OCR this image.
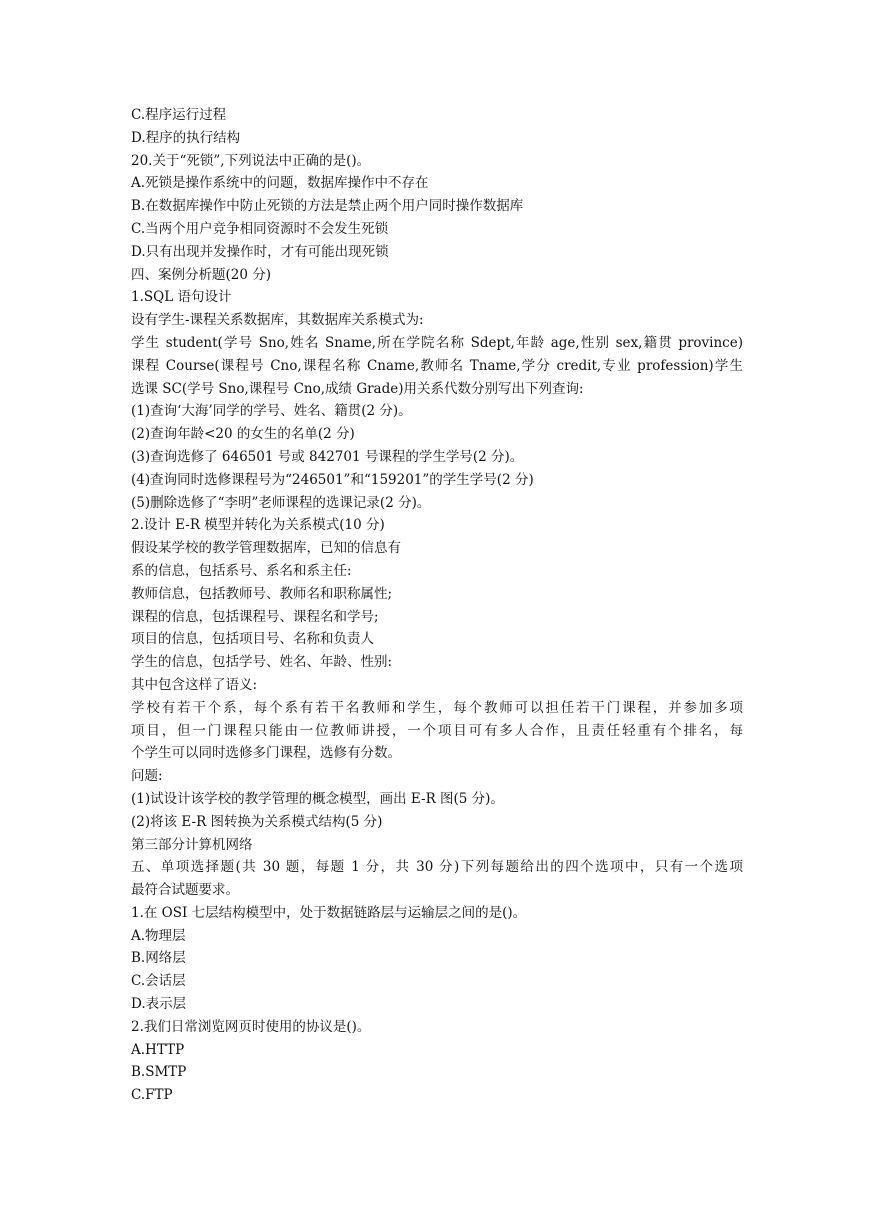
C.程序运行过程
D.程序的执行结构
20.关于“死锁”,下列说法中正确的是()。
A.死锁是操作系统中的问题，数据库操作中不存在
B.在数据库操作中防止死锁的方法是禁止两个用户同时操作数据库
C.当两个用户竞争相同资源时不会发生死锁
D.只有出现并发操作时，才有可能出现死锁
四、案例分析题(20 分)
1.SQL 语句设计
设有学生-课程关系数据库，其数据库关系模式为:
学生 student(学号 Sno,姓名 Sname,所在学院名称 Sdept,年龄 age,性别 sex,籍贯 province)
课程 Course(课程号 Cno,课程名称 Cname,教师名 Tname,学分 credit,专业 profession)学生
选课 SC(学号 Sno,课程号 Cno,成绩 Grade)用关系代数分别写出下列查询:
(1)查询‘大海’同学的学号、姓名、籍贯(2 分)。
(2)查询年龄<20 的女生的名单(2 分)
(3)查询选修了 646501 号或 842701 号课程的学生学号(2 分)。
(4)查询同时选修课程号为“246501”和“159201”的学生学号(2 分)
(5)删除选修了“李明”老师课程的选课记录(2 分)。
2.设计 E-R 模型并转化为关系模式(10 分)
假设某学校的教学管理数据库，已知的信息有
系的信息，包括系号、系名和系主任:
教师信息，包括教师号、教师名和职称属性;
课程的信息，包括课程号、课程名和学号;
项目的信息，包括项目号、名称和负责人
学生的信息，包括学号、姓名、年龄、性别:
其中包含这样了语义:
学校有若干个系，每个系有若干名教师和学生，每个教师可以担任若干门课程，并参加多项
项目，但一门课程只能由一位教师讲授，一个项目可有多人合作，且责任轻重有个排名，每
个学生可以同时选修多门课程，选修有分数。
问题:
(1)试设计该学校的教学管理的概念模型，画出 E-R 图(5 分)。
(2)将该 E-R 图转换为关系模式结构(5 分)
第三部分计算机网络
五、单项选择题(共 30 题，每题 1 分，共 30 分)下列每题给出的四个选项中，只有一个选项
最符合试题要求。
1.在 OSI 七层结构模型中，处于数据链路层与运输层之间的是()。
A.物理层
B.网络层
C.会话层
D.表示层
2.我们日常浏览网页时使用的协议是()。
A.HTTP
B.SMTP
C.FTP
